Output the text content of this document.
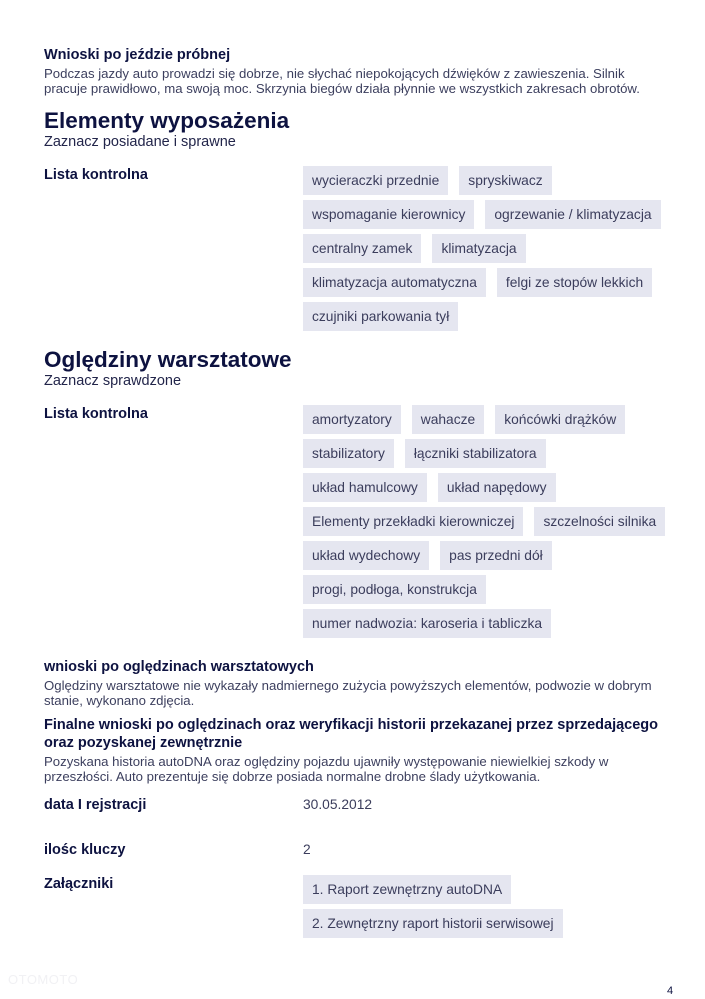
Wnioski po jeździe próbnej
Podczas jazdy auto prowadzi się dobrze, nie słychać niepokojących dźwięków z zawieszenia. Silnik pracuje prawidłowo, ma swoją moc. Skrzynia biegów działa płynnie we wszystkich zakresach obrotów.
Elementy wyposażenia
Zaznacz posiadane i sprawne
Lista kontrolna	wycieraczki przednie	spryskiwacz
wspomaganie kierownicy	ogrzewanie / klimatyzacja
centralny zamek	klimatyzacja
klimatyzacja automatyczna	felgi ze stopów lekkich
czujniki parkowania tył
Oględziny warsztatowe
Zaznacz sprawdzone
Lista kontrolna	amortyzatory	wahacze	końcówki drążków
stabilizatory	łączniki stabilizatora
układ hamulcowy	układ napędowy
Elementy przekładki kierowniczej	szczelności silnika
układ wydechowy	pas przedni dół
progi, podłoga, konstrukcja
numer nadwozia: karoseria i tabliczka
wnioski po oględzinach warsztatowych
Oględziny warsztatowe nie wykazały nadmiernego zużycia powyższych elementów, podwozie w dobrym stanie, wykonano zdjęcia.
Finalne wnioski po oględzinach oraz weryfikacji historii przekazanej przez sprzedającego oraz pozyskanej zewnętrznie
Pozyskana historia autoDNA oraz oględziny pojazdu ujawniły występowanie niewielkiej szkody w przeszłości. Auto prezentuje się dobrze posiada normalne drobne ślady użytkowania.
data I rejstracji	30.05.2012
ilośc kluczy	2
Załączniki	1. Raport zewnętrzny autoDNA
2. Zewnętrzny raport historii serwisowej
OTOMOTO
4
